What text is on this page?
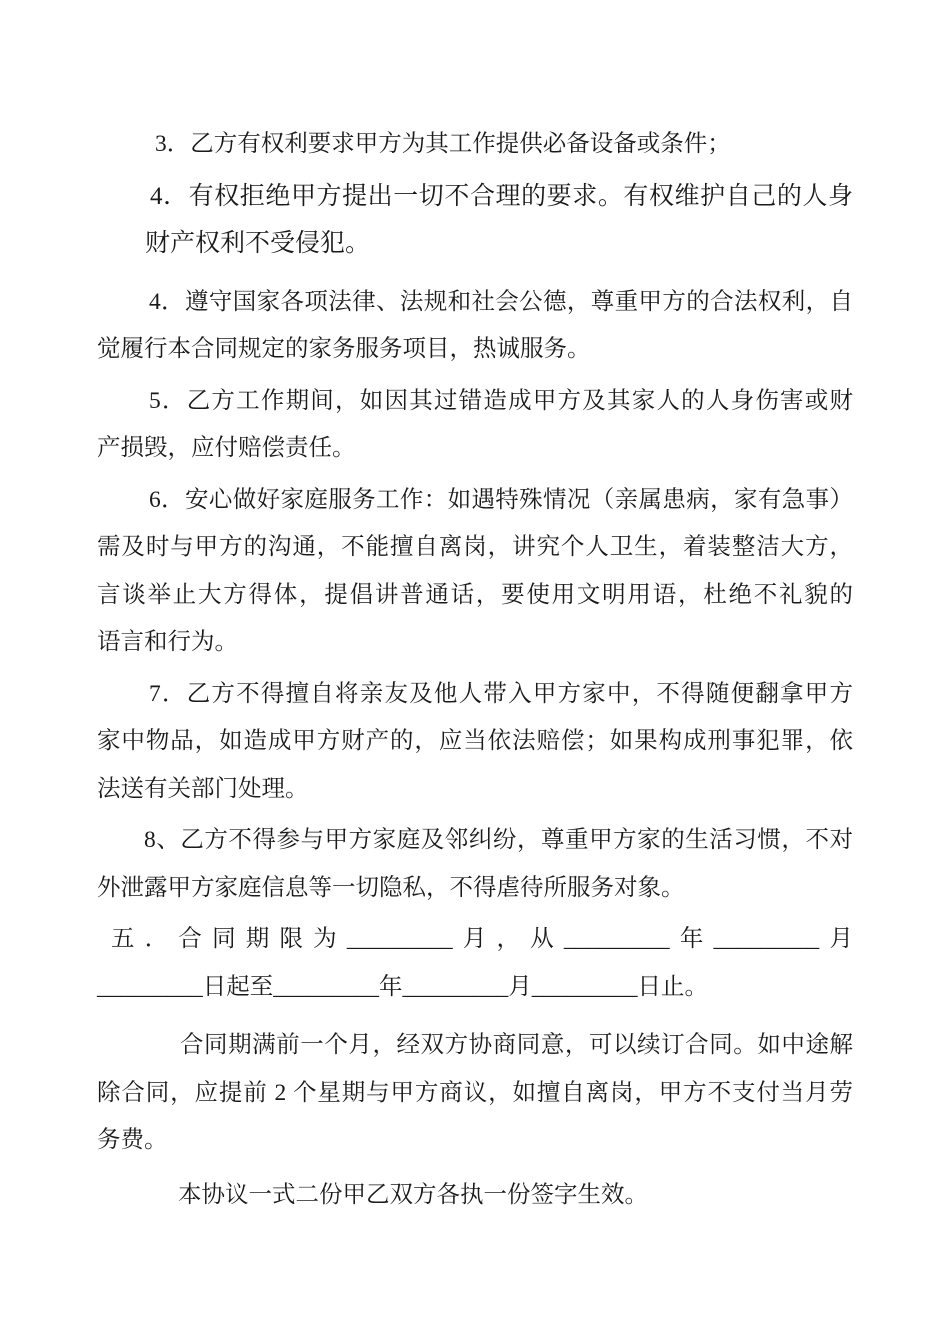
3．乙方有权利要求甲方为其工作提供必备设备或条件；
4．有权拒绝甲方提出一切不合理的要求。有权维护自己的人身
财产权利不受侵犯。
4．遵守国家各项法律、法规和社会公德，尊重甲方的合法权利，自
觉履行本合同规定的家务服务项目，热诚服务。
5．乙方工作期间，如因其过错造成甲方及其家人的人身伤害或财
产损毁，应付赔偿责任。
6．安心做好家庭服务工作：如遇特殊情况（亲属患病，家有急事）
需及时与甲方的沟通，不能擅自离岗，讲究个人卫生，着装整洁大方，
言谈举止大方得体，提倡讲普通话，要使用文明用语，杜绝不礼貌的
语言和行为。
7．乙方不得擅自将亲友及他人带入甲方家中，不得随便翻拿甲方
家中物品，如造成甲方财产的，应当依法赔偿；如果构成刑事犯罪，依
法送有关部门处理。
8、乙方不得参与甲方家庭及邻纠纷，尊重甲方家的生活习惯，不对
外泄露甲方家庭信息等一切隐私，不得虐待所服务对象。
五．合同期限为_________月，从_________年_________月
_________日起至_________年_________月_________日止。
合同期满前一个月，经双方协商同意，可以续订合同。如中途解
除合同，应提前 2 个星期与甲方商议，如擅自离岗，甲方不支付当月劳
务费。
本协议一式二份甲乙双方各执一份签字生效。
